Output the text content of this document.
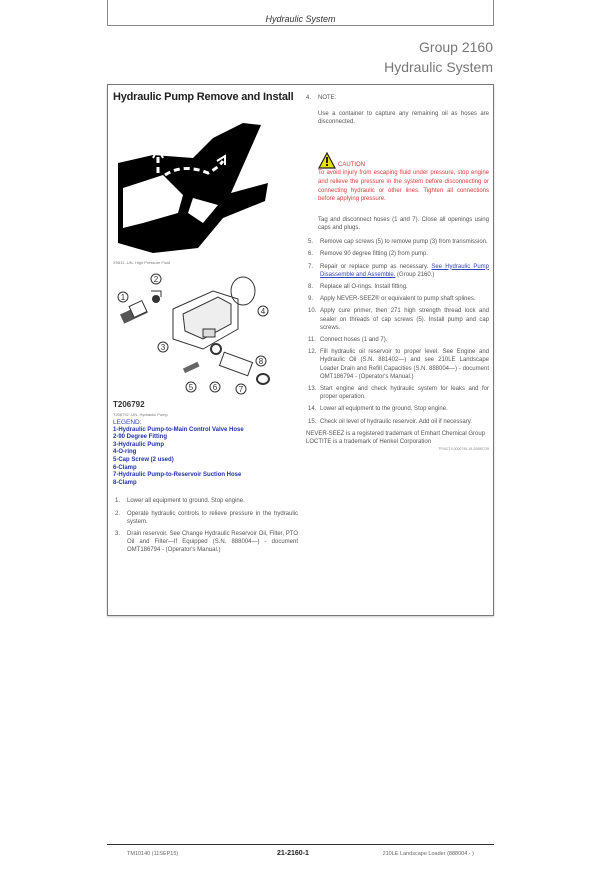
Hydraulic System
Group 2160
Hydraulic System
Hydraulic Pump Remove and Install
X9811 -UN- High Pressure Fluid
1
2
3
4
5 6	7
8
T206792
T206792 -UN- Hydraulic Pump
LEGEND:
1-Hydraulic Pump-to-Main Control Valve Hose
2-90 Degree Fitting
3-Hydraulic Pump
4-O-ring
5-Cap Screw (2 used)
6-Clamp
7-Hydraulic Pump-to-Reservoir Suction Hose
8-Clamp
1.	Lower all equipment to ground. Stop engine.
2.	Operate hydraulic controls to relieve pressure in the hydraulic system.
3.	Drain reservoir. See Change Hydraulic Reservoir Oil, Filter, PTO Oil and Filter—If Equipped (S.N. 888004—) - document OMT186794 - (Operator's Manual.)
4. NOTE:
Use a container to capture any remaining oil as hoses are disconnected.
CAUTION
To avoid injury from escaping fluid under pressure, stop engine and relieve the pressure in the system before disconnecting or connecting hydraulic or other lines. Tighten all connections before applying pressure.
Tag and disconnect hoses (1 and 7). Close all openings using caps and plugs.
5.	Remove cap screws (5) to remove pump (3) from transmission.
6.	Remove 90 degree fitting (2) from pump.
7.	Repair or replace pump as necessary. See Hydraulic Pump Disassemble and Assemble. (Group 2160.)
8.	Replace all O-rings. Install fitting.
9.	Apply NEVER-SEEZ® or equivalent to pump shaft splines.
10. Apply cure primer, then 271 high strength thread lock and sealer on threads of cap screws (5). Install pump and cap screws.
11. Connect hoses (1 and 7).
12. Fill hydraulic oil reservoir to proper level. See Engine and Hydraulic Oil (S.N. 881402—) and see 210LE Landscape Loader Drain and Refill Capacities (S.N. 888004—) - document OMT186794 - (Operator's Manual.)
13. Start engine and check hydraulic system for leaks and for proper operation.
14. Lower all equipment to the ground. Stop engine.
15. Check oil level of hydraulic reservoir. Add oil if necessary.
NEVER-SEEZ is a registered trademark of Emhart Chemical Group
LOCTITE is a trademark of Henkel Corporation
TP44713,0000745-19-20080729
TM10140 (11SEP15)	21-2160-1	210LE Landscape Loader (888004 - )
